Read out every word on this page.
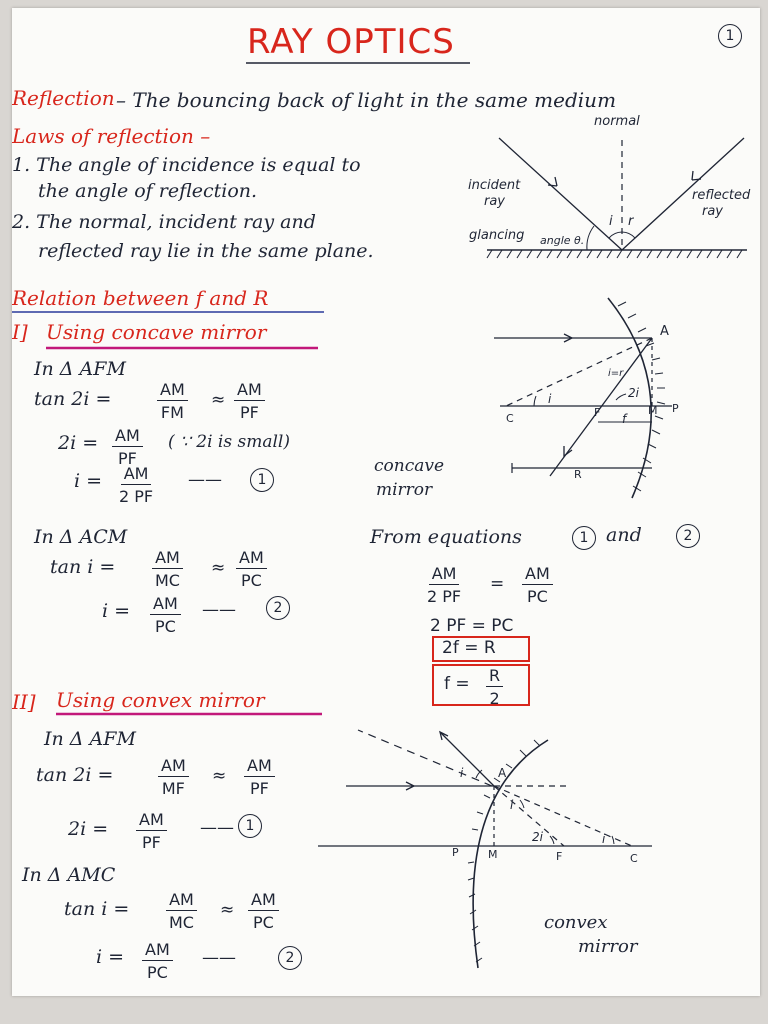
RAY OPTICS	1
Reflection – The bouncing back of light in the same medium
Laws of reflection –
1. The angle of incidence is equal to
the angle of reflection.
2. The normal, incident ray and
reflected ray lie in the same plane.
normal
incident
ray	reflected
ray
glancing angle θ.
i r
Relation between f and R
I] Using concave mirror
In Δ AFM
tan 2i =	$\frac{AM}{FM} \approx \frac{AM}{PF}$
$2i = \frac{AM}{PF}$ ( ∵ 2i is small)
$i = \frac{AM}{2 PF}$ ——	1
In Δ ACM
$\tan i = \frac{AM}{MC} \approx \frac{AM}{PC}$
$i = \frac{AM}{PC}$ ——	2
A
C	F	M P
R
f
i	2i
i=r
concave
mirror
From equations	1 and	2
$\frac{AM}{2 PF} = \frac{AM}{PC}$
2 PF = PC
2f = R
$f = \frac{R}{2}$
II] Using convex mirror
In Δ AFM
tan 2i =	$\frac{AM}{MF} \approx \frac{AM}{PF}$
$2i = \frac{AM}{PF}$ —— 1
In Δ AMC
$\tan i = \frac{AM}{MC} \approx \frac{AM}{PC}$
$i = \frac{AM}{PC}$ ——	2
A
P	M	F	C
i
i
2i	i
convex
mirror
